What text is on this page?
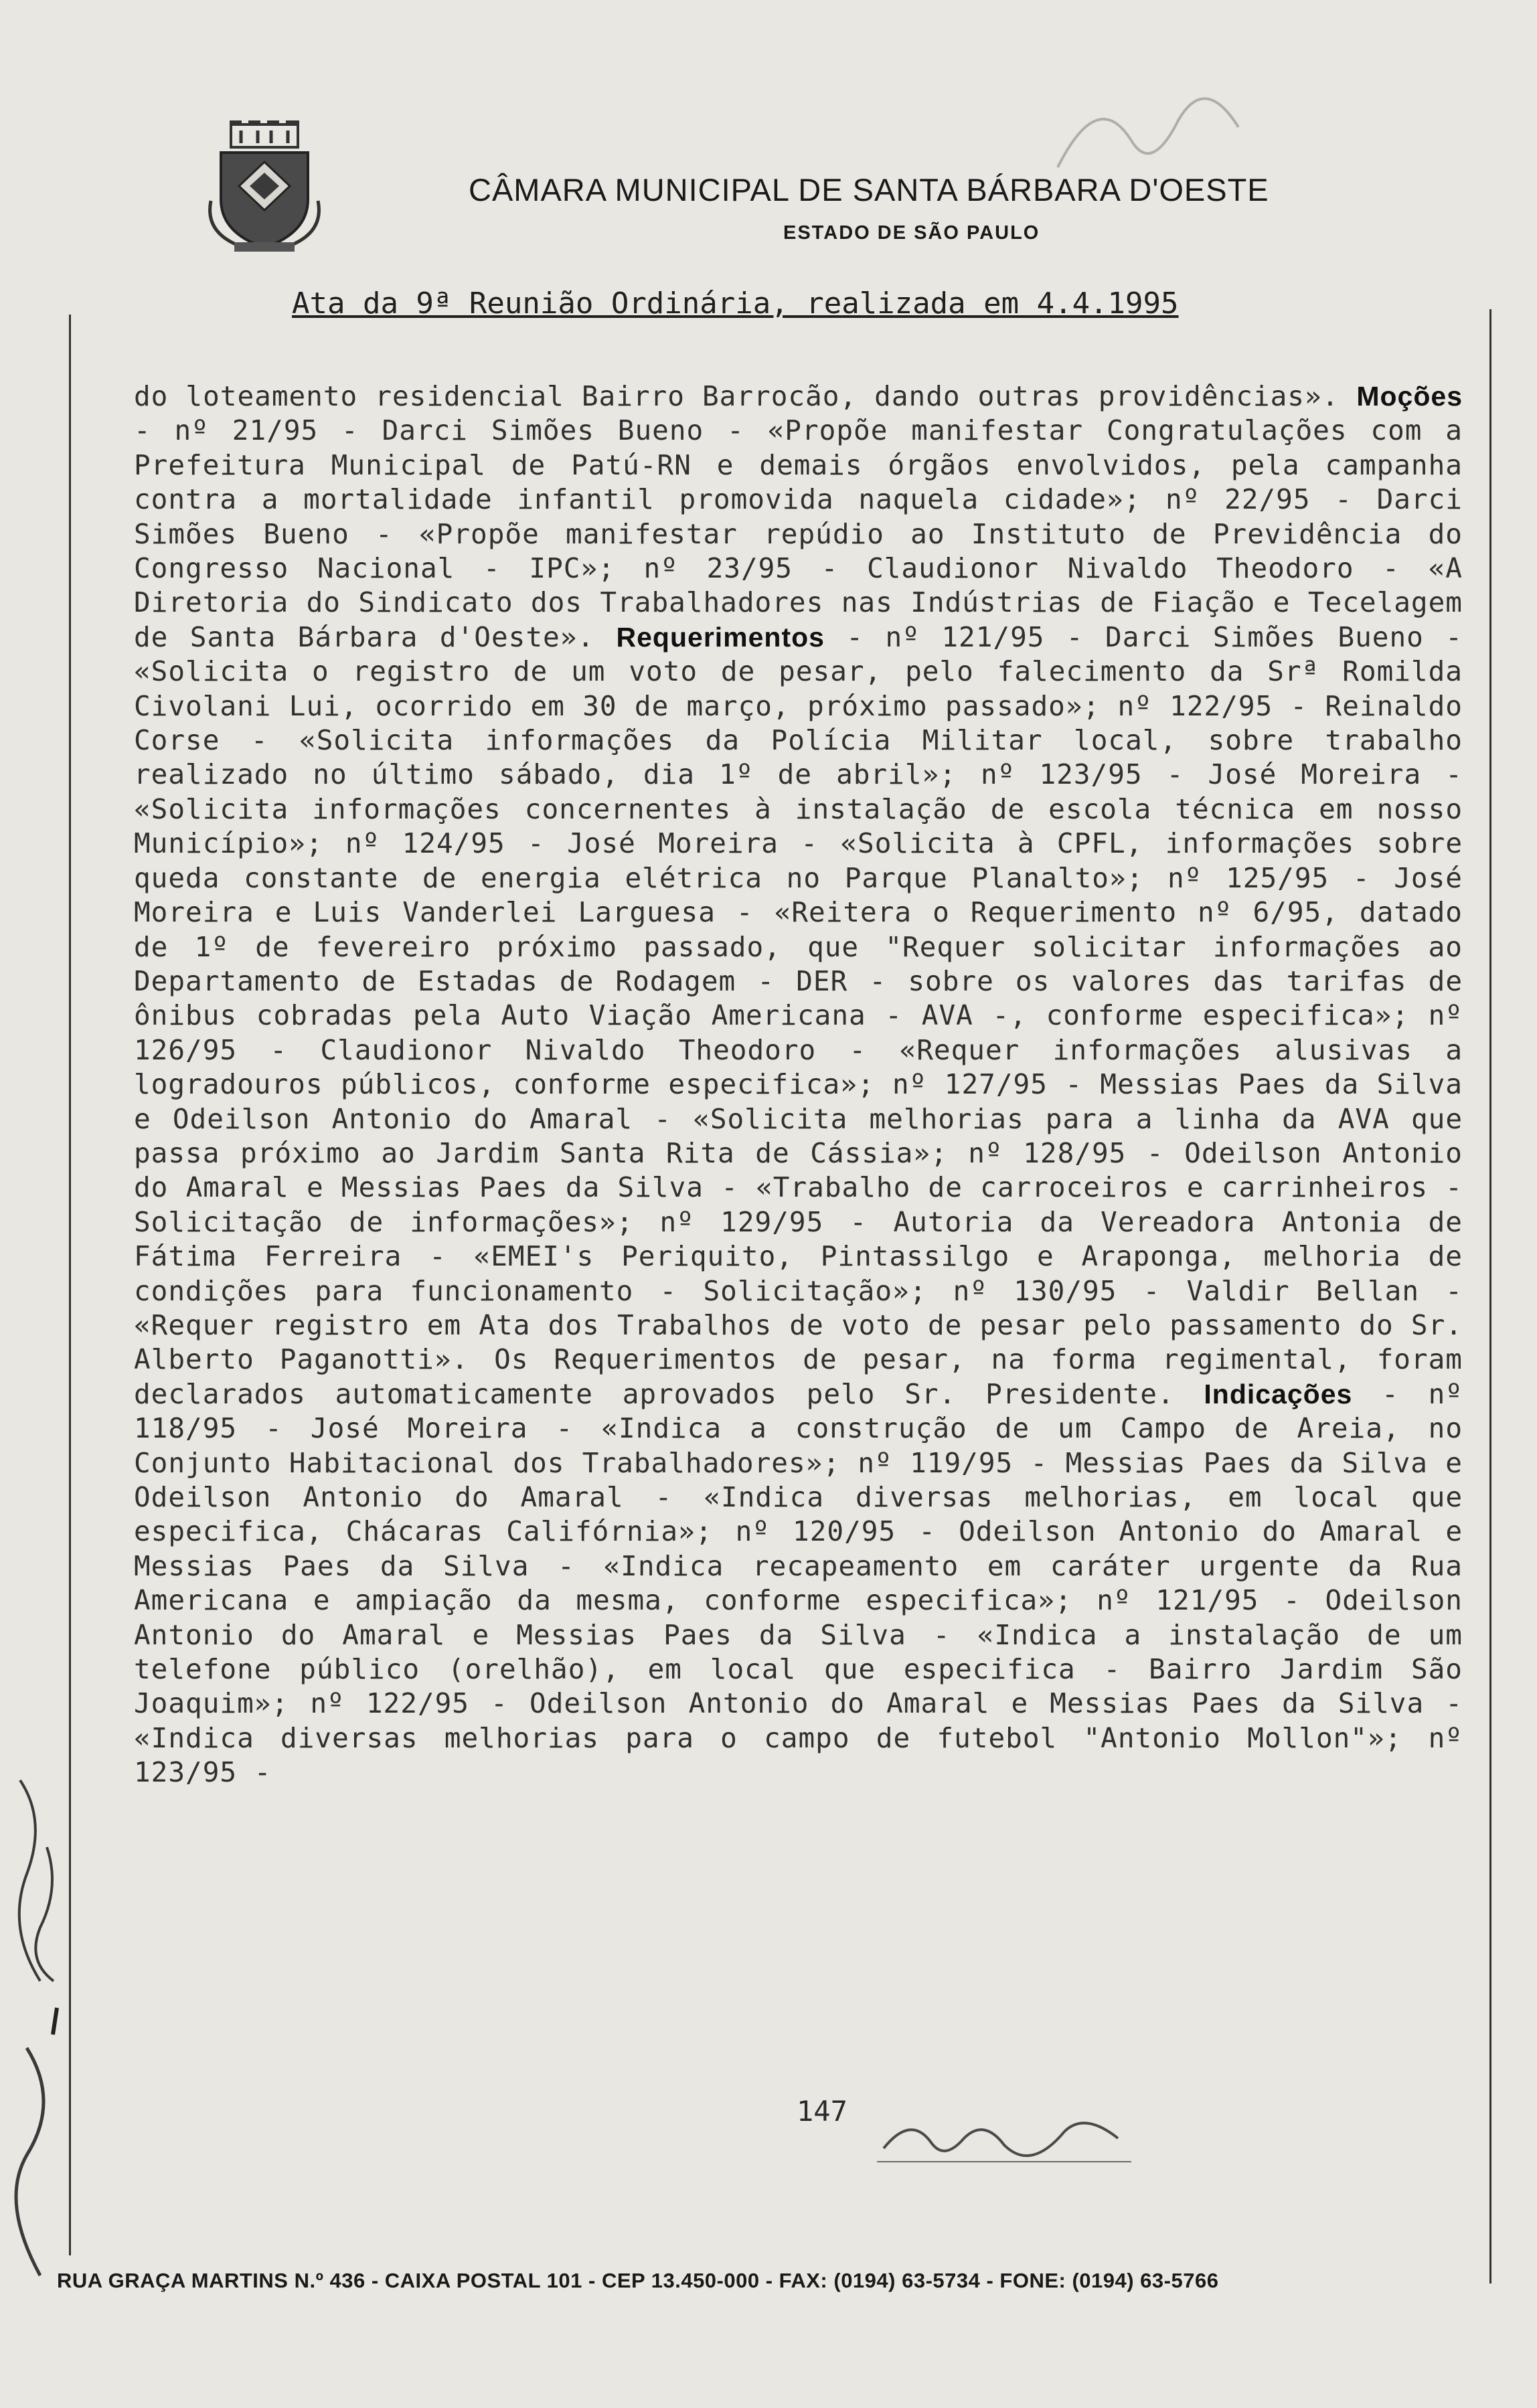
CÂMARA MUNICIPAL DE SANTA BÁRBARA D'OESTE
ESTADO DE SÃO PAULO
Ata da 9ª Reunião Ordinária, realizada em 4.4.1995

do loteamento residencial Bairro Barrocão, dando outras providências». Moções - nº 21/95 - Darci Simões Bueno - «Propõe manifestar Congratulações com a Prefeitura Municipal de Patú-RN e demais órgãos envolvidos, pela campanha contra a mortalidade infantil promovida naquela cidade»; nº 22/95 - Darci Simões Bueno - «Propõe manifestar repúdio ao Instituto de Previdência do Congresso Nacional - IPC»; nº 23/95 - Claudionor Nivaldo Theodoro - «A Diretoria do Sindicato dos Trabalhadores nas Indústrias de Fiação e Tecelagem de Santa Bárbara d'Oeste». Requerimentos - nº 121/95 - Darci Simões Bueno - «Solicita o registro de um voto de pesar, pelo falecimento da Srª Romilda Civolani Lui, ocorrido em 30 de março, próximo passado»; nº 122/95 - Reinaldo Corse - «Solicita informações da Polícia Militar local, sobre trabalho realizado no último sábado, dia 1º de abril»; nº 123/95 - José Moreira - «Solicita informações concernentes à instalação de escola técnica em nosso Município»; nº 124/95 - José Moreira - «Solicita à CPFL, informações sobre queda constante de energia elétrica no Parque Planalto»; nº 125/95 - José Moreira e Luis Vanderlei Larguesa - «Reitera o Requerimento nº 6/95, datado de 1º de fevereiro próximo passado, que "Requer solicitar informações ao Departamento de Estadas de Rodagem - DER - sobre os valores das tarifas de ônibus cobradas pela Auto Viação Americana - AVA -, conforme especifica»; nº 126/95 - Claudionor Nivaldo Theodoro - «Requer informações alusivas a logradouros públicos, conforme especifica»; nº 127/95 - Messias Paes da Silva e Odeilson Antonio do Amaral - «Solicita melhorias para a linha da AVA que passa próximo ao Jardim Santa Rita de Cássia»; nº 128/95 - Odeilson Antonio do Amaral e Messias Paes da Silva - «Trabalho de carroceiros e carrinheiros - Solicitação de informações»; nº 129/95 - Autoria da Vereadora Antonia de Fátima Ferreira - «EMEI's Periquito, Pintassilgo e Araponga, melhoria de condições para funcionamento - Solicitação»; nº 130/95 - Valdir Bellan - «Requer registro em Ata dos Trabalhos de voto de pesar pelo passamento do Sr. Alberto Paganotti». Os Requerimentos de pesar, na forma regimental, foram declarados automaticamente aprovados pelo Sr. Presidente. Indicações - nº 118/95 - José Moreira - «Indica a construção de um Campo de Areia, no Conjunto Habitacional dos Trabalhadores»; nº 119/95 - Messias Paes da Silva e Odeilson Antonio do Amaral - «Indica diversas melhorias, em local que especifica, Chácaras Califórnia»; nº 120/95 - Odeilson Antonio do Amaral e Messias Paes da Silva - «Indica recapeamento em caráter urgente da Rua Americana e ampiação da mesma, conforme especifica»; nº 121/95 - Odeilson Antonio do Amaral e Messias Paes da Silva - «Indica a instalação de um telefone público (orelhão), em local que especifica - Bairro Jardim São Joaquim»; nº 122/95 - Odeilson Antonio do Amaral e Messias Paes da Silva - «Indica diversas melhorias para o campo de futebol "Antonio Mollon"»; nº 123/95 -
147
RUA GRAÇA MARTINS N.º 436 - CAIXA POSTAL 101 - CEP 13.450-000 - FAX: (0194) 63-5734 - FONE: (0194) 63-5766
